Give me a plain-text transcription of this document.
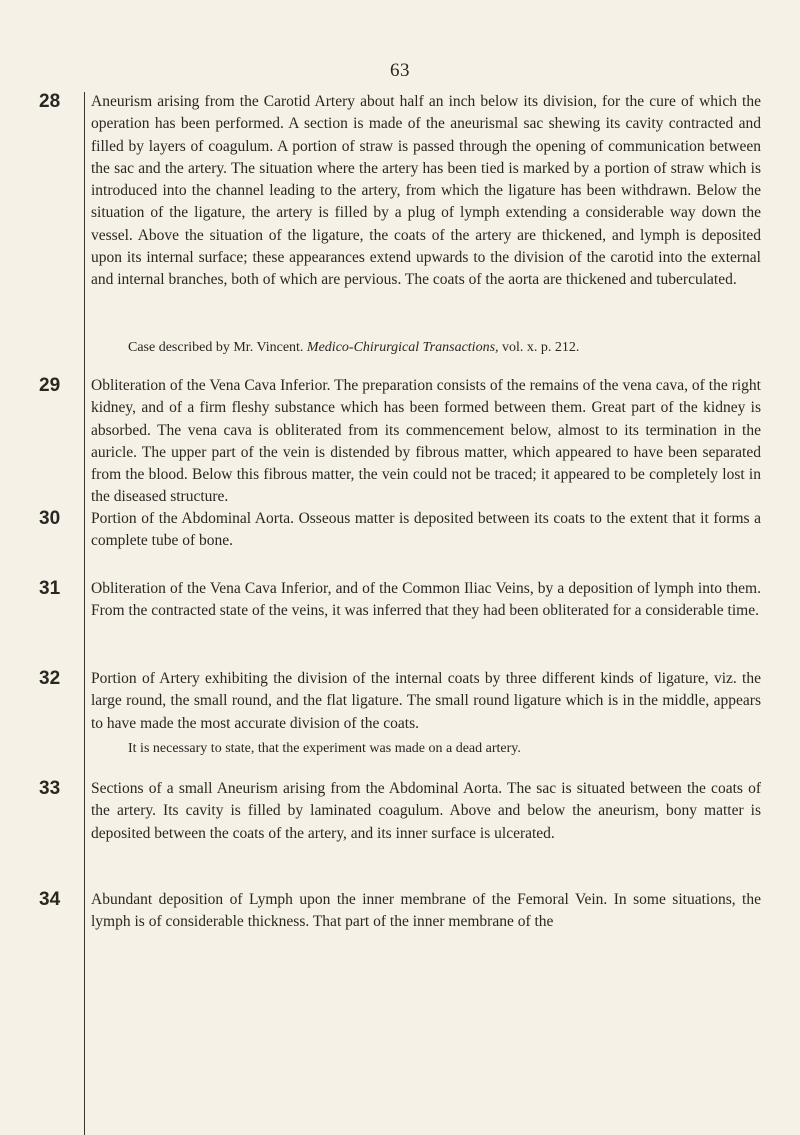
63
28 Aneurism arising from the Carotid Artery about half an inch below its division, for the cure of which the operation has been performed. A section is made of the aneurismal sac shewing its cavity contracted and filled by layers of coagulum. A portion of straw is passed through the opening of communication between the sac and the artery. The situation where the artery has been tied is marked by a portion of straw which is introduced into the channel leading to the artery, from which the ligature has been withdrawn. Below the situation of the ligature, the artery is filled by a plug of lymph extending a considerable way down the vessel. Above the situation of the ligature, the coats of the artery are thickened, and lymph is deposited upon its internal surface; these appearances extend upwards to the division of the carotid into the external and internal branches, both of which are pervious. The coats of the aorta are thickened and tuberculated.
Case described by Mr. Vincent. Medico-Chirurgical Transactions, vol. x. p. 212.
29 Obliteration of the Vena Cava Inferior. The preparation consists of the remains of the vena cava, of the right kidney, and of a firm fleshy substance which has been formed between them. Great part of the kidney is absorbed. The vena cava is obliterated from its commencement below, almost to its termination in the auricle. The upper part of the vein is distended by fibrous matter, which appeared to have been separated from the blood. Below this fibrous matter, the vein could not be traced; it appeared to be completely lost in the diseased structure.
30 Portion of the Abdominal Aorta. Osseous matter is deposited between its coats to the extent that it forms a complete tube of bone.
31 Obliteration of the Vena Cava Inferior, and of the Common Iliac Veins, by a deposition of lymph into them. From the contracted state of the veins, it was inferred that they had been obliterated for a considerable time.
32 Portion of Artery exhibiting the division of the internal coats by three different kinds of ligature, viz. the large round, the small round, and the flat ligature. The small round ligature which is in the middle, appears to have made the most accurate division of the coats.
It is necessary to state, that the experiment was made on a dead artery.
33 Sections of a small Aneurism arising from the Abdominal Aorta. The sac is situated between the coats of the artery. Its cavity is filled by laminated coagulum. Above and below the aneurism, bony matter is deposited between the coats of the artery, and its inner surface is ulcerated.
34 Abundant deposition of Lymph upon the inner membrane of the Femoral Vein. In some situations, the lymph is of considerable thickness. That part of the inner membrane of the
